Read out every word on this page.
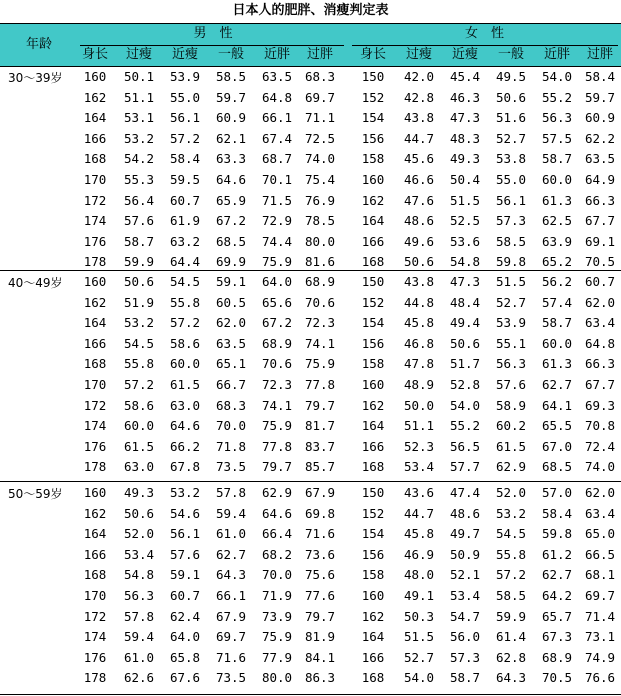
日本人的肥胖、消瘦判定表
年龄
男　性	女　性
身长	过瘦	近瘦	一般	近胖	过胖	身长	过瘦	近瘦	一般	近胖	过胖
30～39岁	160	50.1	53.9	58.5	63.5	68.3	150	42.0	45.4	49.5	54.0	58.4
162	51.1	55.0	59.7	64.8	69.7	152	42.8	46.3	50.6	55.2	59.7
164	53.1	56.1	60.9	66.1	71.1	154	43.8	47.3	51.6	56.3	60.9
166	53.2	57.2	62.1	67.4	72.5	156	44.7	48.3	52.7	57.5	62.2
168	54.2	58.4	63.3	68.7	74.0	158	45.6	49.3	53.8	58.7	63.5
170	55.3	59.5	64.6	70.1	75.4	160	46.6	50.4	55.0	60.0	64.9
172	56.4	60.7	65.9	71.5	76.9	162	47.6	51.5	56.1	61.3	66.3
174	57.6	61.9	67.2	72.9	78.5	164	48.6	52.5	57.3	62.5	67.7
176	58.7	63.2	68.5	74.4	80.0	166	49.6	53.6	58.5	63.9	69.1
178	59.9	64.4	69.9	75.9	81.6	168	50.6	54.8	59.8	65.2	70.5
40～49岁	160	50.6	54.5	59.1	64.0	68.9	150	43.8	47.3	51.5	56.2	60.7
162	51.9	55.8	60.5	65.6	70.6	152	44.8	48.4	52.7	57.4	62.0
164	53.2	57.2	62.0	67.2	72.3	154	45.8	49.4	53.9	58.7	63.4
166	54.5	58.6	63.5	68.9	74.1	156	46.8	50.6	55.1	60.0	64.8
168	55.8	60.0	65.1	70.6	75.9	158	47.8	51.7	56.3	61.3	66.3
170	57.2	61.5	66.7	72.3	77.8	160	48.9	52.8	57.6	62.7	67.7
172	58.6	63.0	68.3	74.1	79.7	162	50.0	54.0	58.9	64.1	69.3
174	60.0	64.6	70.0	75.9	81.7	164	51.1	55.2	60.2	65.5	70.8
176	61.5	66.2	71.8	77.8	83.7	166	52.3	56.5	61.5	67.0	72.4
178	63.0	67.8	73.5	79.7	85.7	168	53.4	57.7	62.9	68.5	74.0
50～59岁	160	49.3	53.2	57.8	62.9	67.9	150	43.6	47.4	52.0	57.0	62.0
162	50.6	54.6	59.4	64.6	69.8	152	44.7	48.6	53.2	58.4	63.4
164	52.0	56.1	61.0	66.4	71.6	154	45.8	49.7	54.5	59.8	65.0
166	53.4	57.6	62.7	68.2	73.6	156	46.9	50.9	55.8	61.2	66.5
168	54.8	59.1	64.3	70.0	75.6	158	48.0	52.1	57.2	62.7	68.1
170	56.3	60.7	66.1	71.9	77.6	160	49.1	53.4	58.5	64.2	69.7
172	57.8	62.4	67.9	73.9	79.7	162	50.3	54.7	59.9	65.7	71.4
174	59.4	64.0	69.7	75.9	81.9	164	51.5	56.0	61.4	67.3	73.1
176	61.0	65.8	71.6	77.9	84.1	166	52.7	57.3	62.8	68.9	74.9
178	62.6	67.6	73.5	80.0	86.3	168	54.0	58.7	64.3	70.5	76.6
